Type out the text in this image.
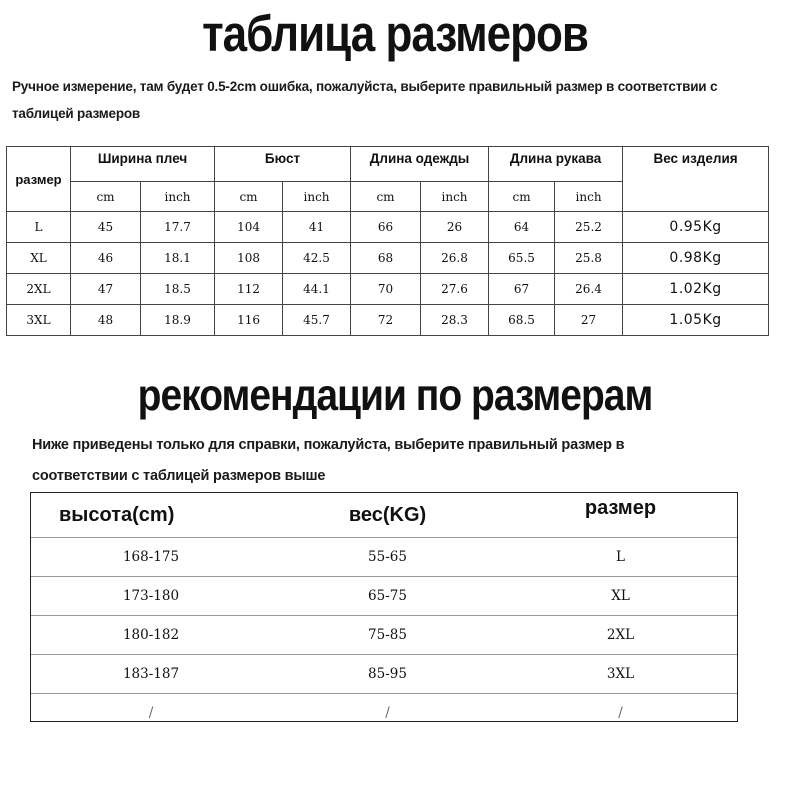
таблица размеров
Ручное измерение, там будет 0.5-2cm ошибка, пожалуйста, выберите правильный размер в соответствии с
таблицей размеров
размер	Ширина плеч		Бюст		Длина одежды		Длина рукава		Вес изделия
	cm	inch	cm	inch	cm	inch	cm	inch	
L	45	17.7	104	41	66	26	64	25.2	0.95Kg
XL	46	18.1	108	42.5	68	26.8	65.5	25.8	0.98Kg
2XL	47	18.5	112	44.1	70	27.6	67	26.4	1.02Kg
3XL	48	18.9	116	45.7	72	28.3	68.5	27	1.05Kg
рекомендации по размерам
Ниже приведены только для справки, пожалуйста, выберите правильный размер в
соответствии с таблицей размеров выше
высота(cm)	вес(KG)	размер
168-175	55-65	L
173-180	65-75	XL
180-182	75-85	2XL
183-187	85-95	3XL
/	/	/
